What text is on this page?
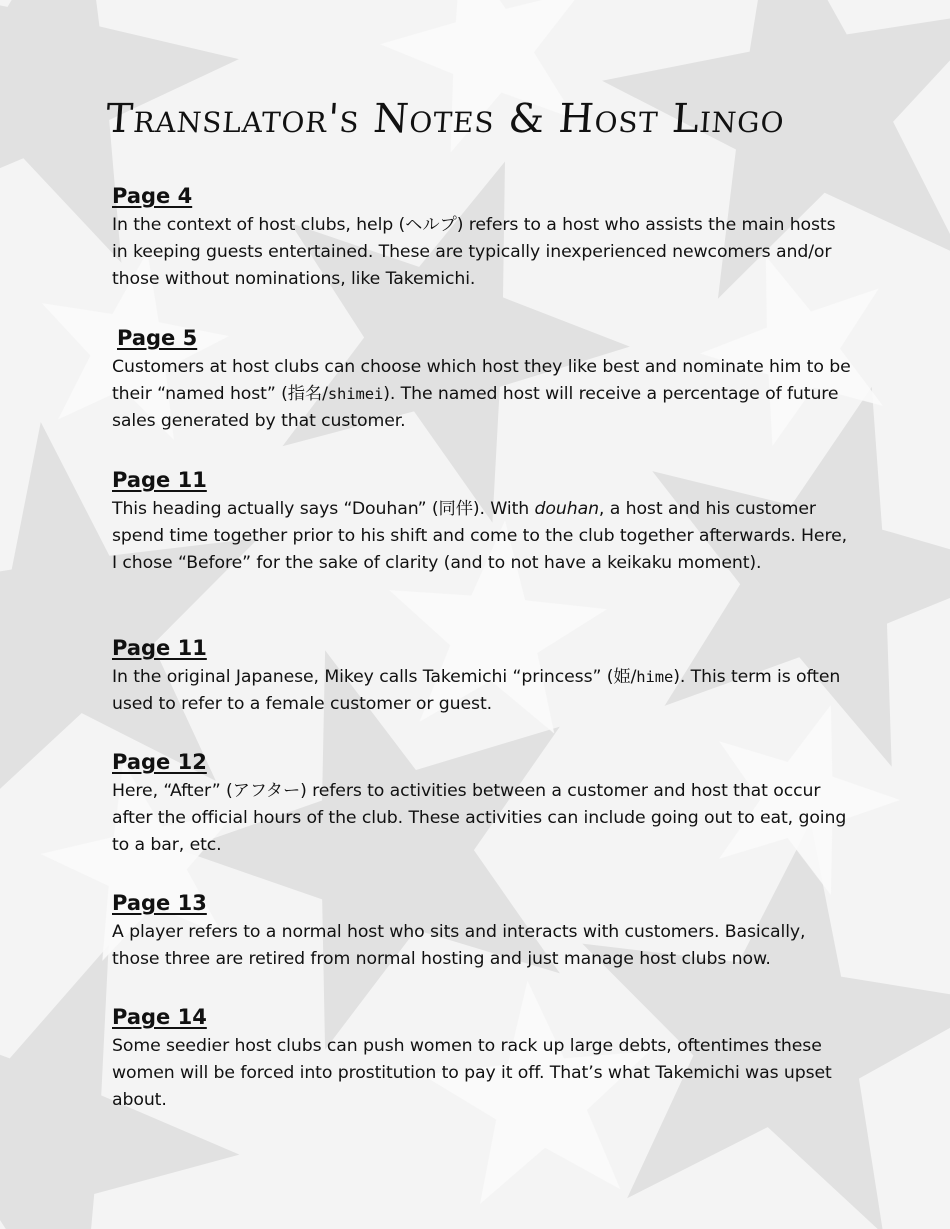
Translator's Notes & Host Lingo
Page 4
In the context of host clubs, help (ヘルプ) refers to a host who assists the main hosts in keeping guests entertained. These are typically inexperienced newcomers and/or those without nominations, like Takemichi.
Page 5
Customers at host clubs can choose which host they like best and nominate him to be their “named host” (指名/shimei). The named host will receive a percentage of future sales generated by that customer.
Page 11
This heading actually says “Douhan” (同伴). With douhan, a host and his customer spend time together prior to his shift and come to the club together afterwards. Here, I chose “Before” for the sake of clarity (and to not have a keikaku moment).
Page 11
In the original Japanese, Mikey calls Takemichi “princess” (姫/hime). This term is often used to refer to a female customer or guest.
Page 12
Here, “After” (アフター) refers to activities between a customer and host that occur after the official hours of the club. These activities can include going out to eat, going to a bar, etc.
Page 13
A player refers to a normal host who sits and interacts with customers. Basically, those three are retired from normal hosting and just manage host clubs now.
Page 14
Some seedier host clubs can push women to rack up large debts, oftentimes these women will be forced into prostitution to pay it off. That’s what Takemichi was upset about.
